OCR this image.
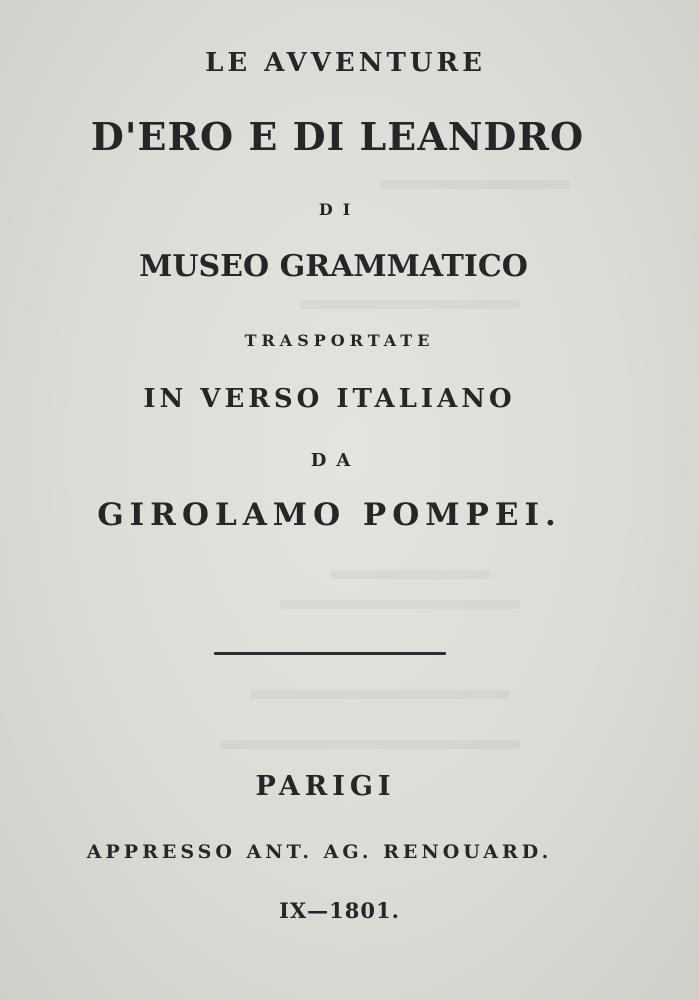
LE AVVENTURE
D'ERO E DI LEANDRO
DI
MUSEO GRAMMATICO
TRASPORTATE
IN VERSO ITALIANO
DA
GIROLAMO POMPEI.
PARIGI
APPRESSO ANT. AG. RENOUARD.
IX—1801.
